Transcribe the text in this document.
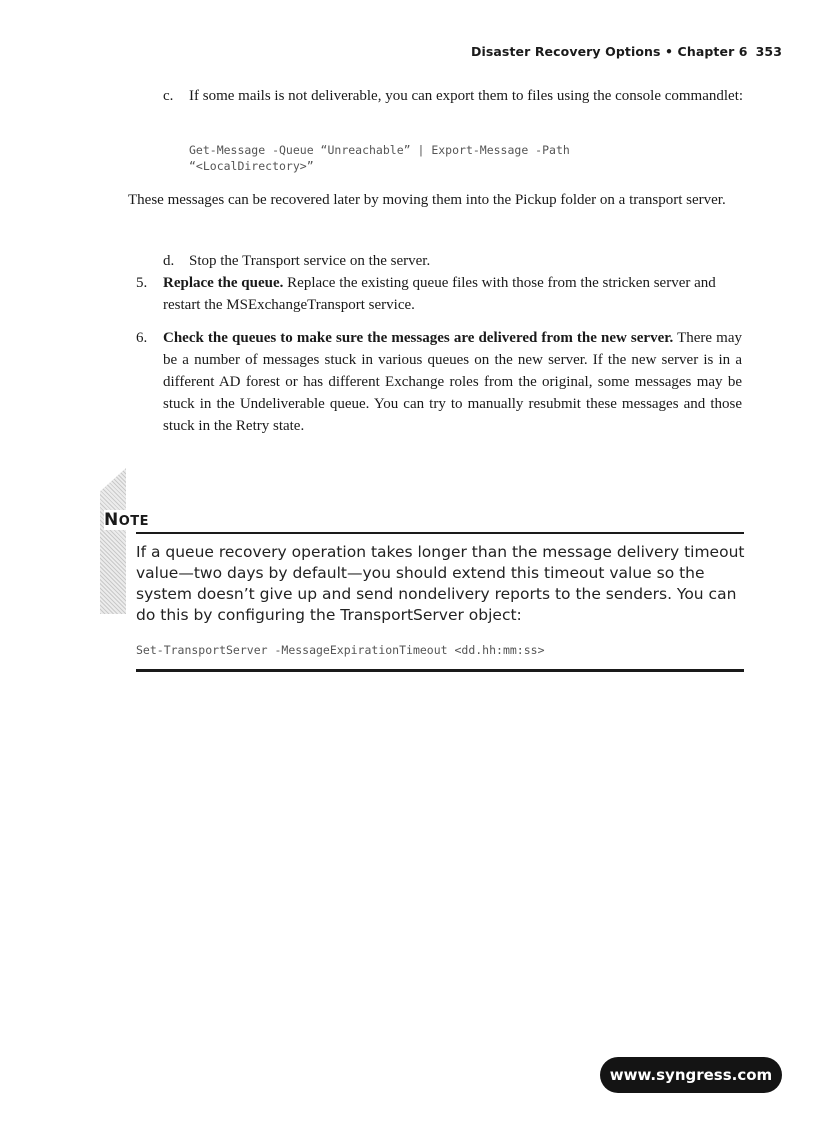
Disaster Recovery Options • Chapter 6 353
c. If some mails is not deliverable, you can export them to files using the console commandlet:
Get-Message -Queue “Unreachable” | Export-Message -Path
“<LocalDirectory>”
These messages can be recovered later by moving them into the Pickup folder on a transport server.
d. Stop the Transport service on the server.
5. Replace the queue. Replace the existing queue files with those from the stricken server and restart the MSExchangeTransport service.
6. Check the queues to make sure the messages are delivered from the new server. There may be a number of messages stuck in various queues on the new server. If the new server is in a different AD forest or has different Exchange roles from the original, some messages may be stuck in the Undeliverable queue. You can try to manually resubmit these messages and those stuck in the Retry state.
NOTE
If a queue recovery operation takes longer than the message delivery timeout value—two days by default—you should extend this timeout value so the system doesn’t give up and send nondelivery reports to the senders. You can do this by configuring the TransportServer object:
Set-TransportServer -MessageExpirationTimeout <dd.hh:mm:ss>
www.syngress.com
